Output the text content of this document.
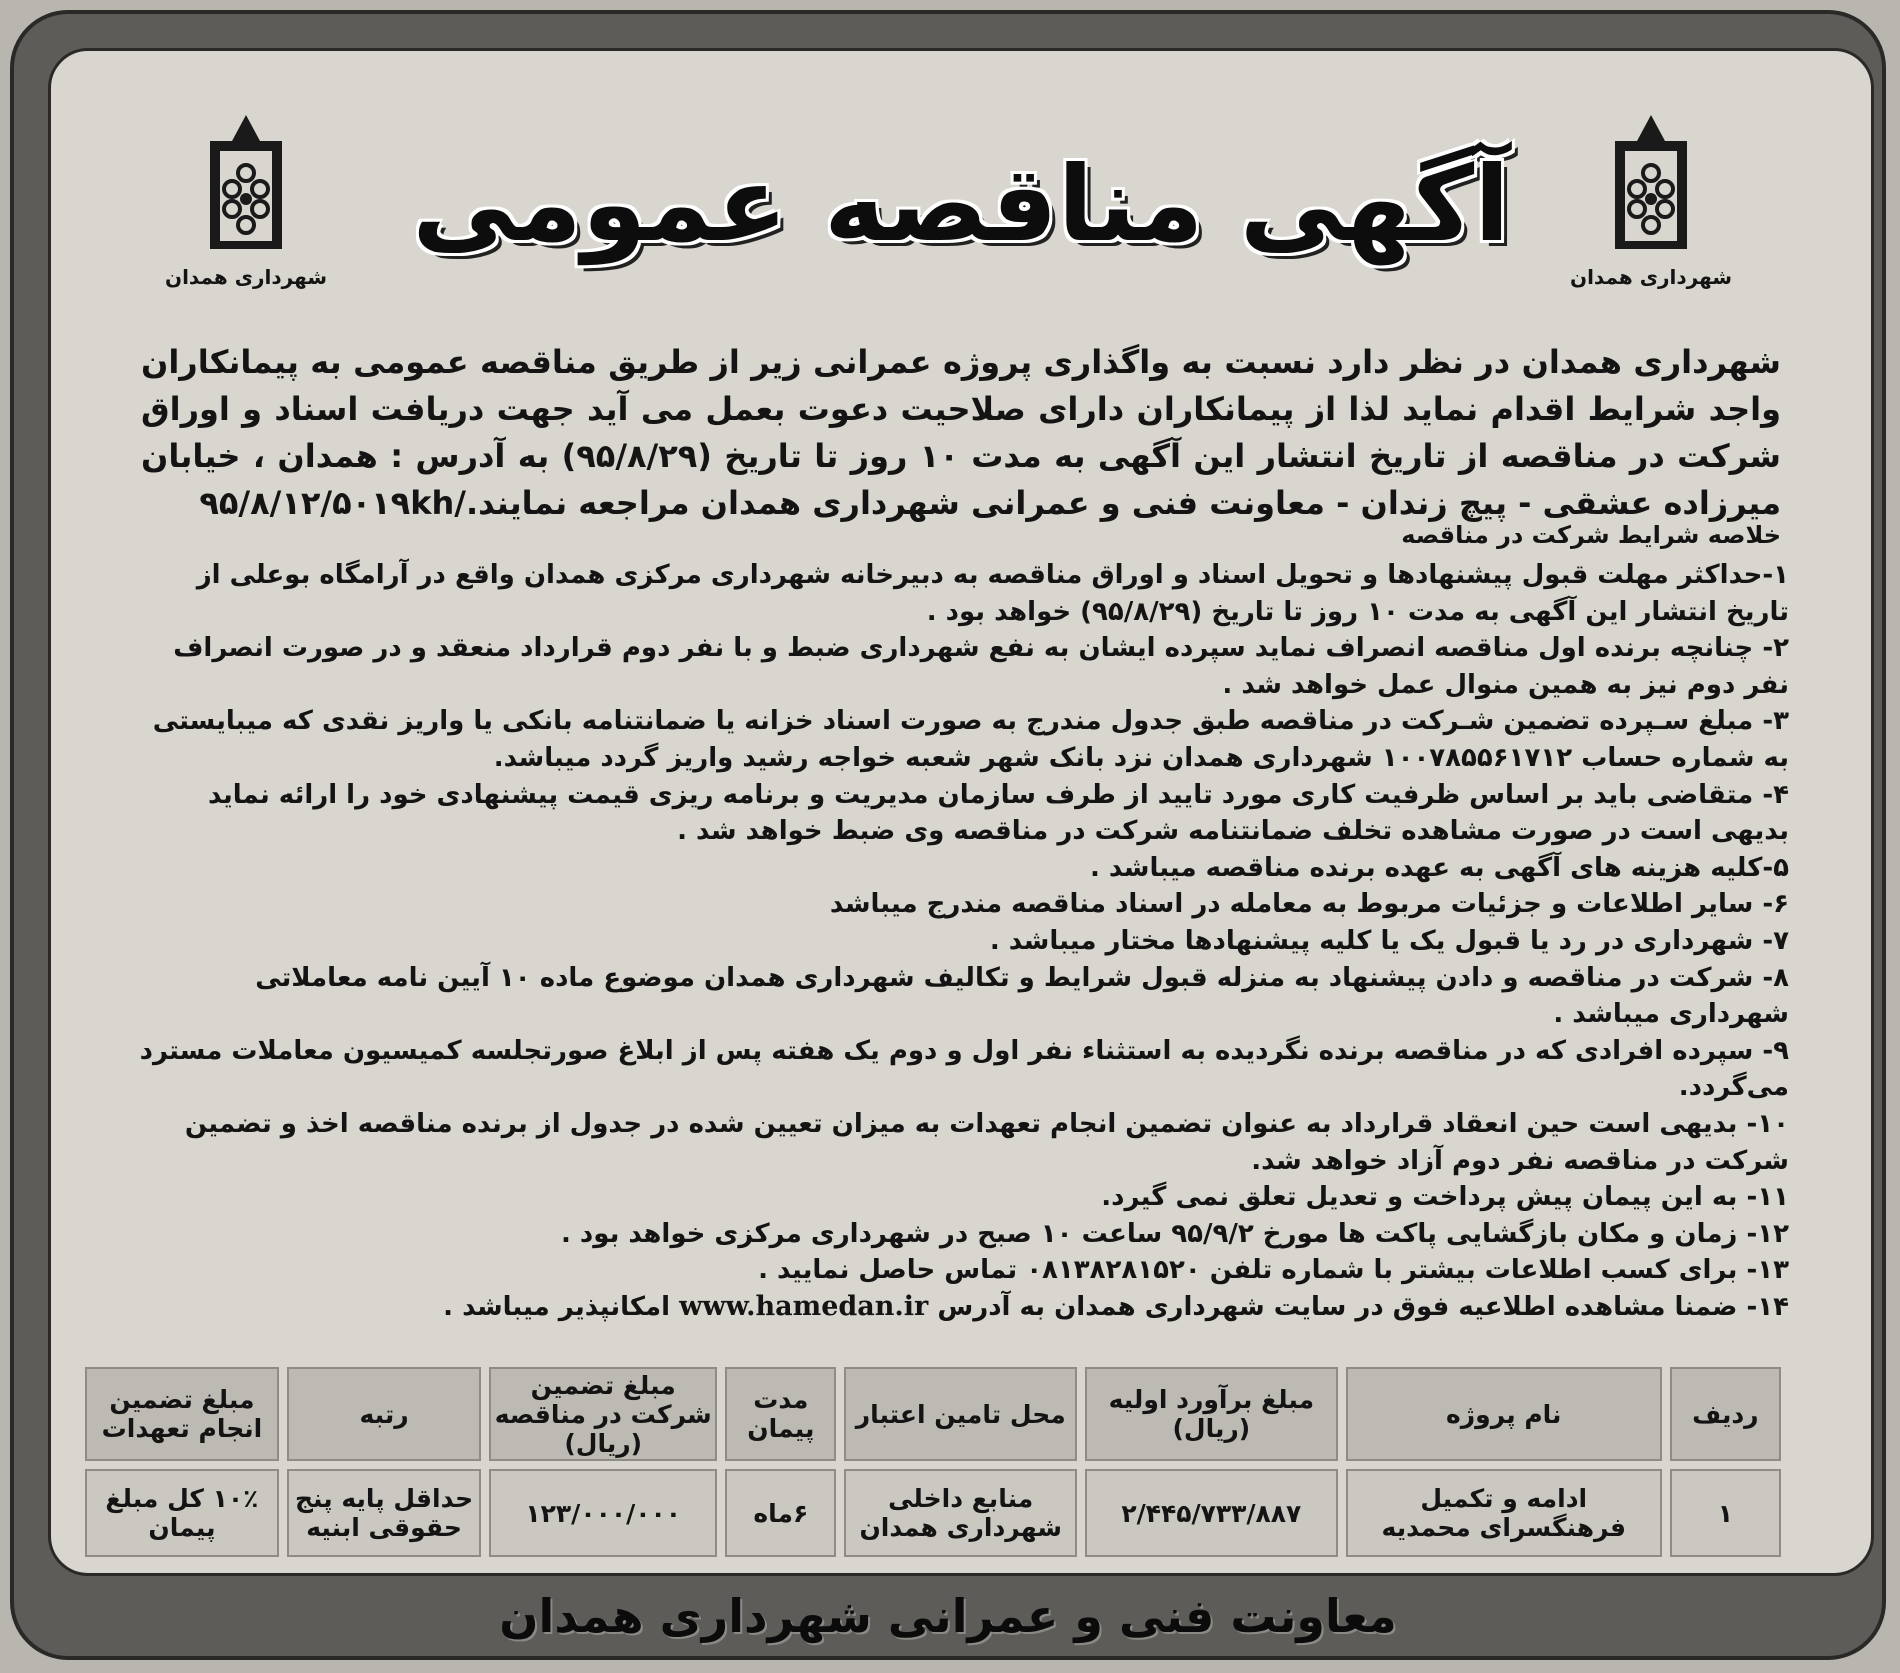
شهرداری همدان
شهرداری همدان
آگهی مناقصه عمومی
شهرداری همدان در نظر دارد نسبت به واگذاری پروژه عمرانی زیر از طریق مناقصه عمومی به پیمانکاران واجد شرایط اقدام نماید لذا از پیمانکاران دارای صلاحیت دعوت بعمل می آید جهت دریافت اسناد و اوراق شرکت در مناقصه از تاریخ انتشار این آگهی به مدت ۱۰ روز تا تاریخ (۹۵/۸/۲۹) به آدرس : همدان ، خیابان میرزاده عشقی - پیچ زندان - معاونت فنی و عمرانی شهرداری همدان مراجعه نمایند./۹۵/۸/۱۲/۵۰۱۹kh
خلاصه شرایط شرکت در مناقصه
۱-حداکثر مهلت قبول پیشنهادها و تحویل اسناد و اوراق مناقصه به دبیرخانه شهرداری مرکزی همدان واقع در آرامگاه بوعلی از تاریخ انتشار این آگهی به مدت ۱۰ روز تا تاریخ (۹۵/۸/۲۹) خواهد بود .
۲- چنانچه برنده اول مناقصه انصراف نماید سپرده ایشان به نفع شهرداری ضبط و با نفر دوم قرارداد منعقد و در صورت انصراف نفر دوم نیز به همین منوال عمل خواهد شد .
۳- مبلغ سـپرده تضمین شـرکت در مناقصه طبق جدول مندرج به صورت اسناد خزانه یا ضمانتنامه بانکی یا واریز نقدی که میبایستی به شماره حساب ۱۰۰۷۸۵۵۶۱۷۱۲ شهرداری همدان نزد بانک شهر شعبه خواجه رشید واریز گردد میباشد.
۴- متقاضی باید بر اساس ظرفیت کاری مورد تایید از طرف سازمان مدیریت و برنامه ریزی قیمت پیشنهادی خود را ارائه نماید بدیهی است در صورت مشاهده تخلف ضمانتنامه شرکت در مناقصه وی ضبط خواهد شد .
۵-کلیه هزینه های آگهی به عهده برنده مناقصه میباشد .
۶- سایر اطلاعات و جزئیات مربوط به معامله در اسناد مناقصه مندرج میباشد
۷- شهرداری در رد یا قبول یک یا کلیه پیشنهادها مختار میباشد .
۸- شرکت در مناقصه و دادن پیشنهاد به منزله قبول شرایط و تکالیف شهرداری همدان موضوع ماده ۱۰ آیین نامه معاملاتی شهرداری میباشد .
۹- سپرده افرادی که در مناقصه برنده نگردیده به استثناء نفر اول و دوم یک هفته پس از ابلاغ صورتجلسه کمیسیون معاملات مسترد می‌گردد.
۱۰- بدیهی است حین انعقاد قرارداد به عنوان تضمین انجام تعهدات به میزان تعیین شده در جدول از برنده مناقصه اخذ و تضمین شرکت در مناقصه نفر دوم آزاد خواهد شد.
۱۱- به این پیمان پیش پرداخت و تعدیل تعلق نمی گیرد.
۱۲- زمان و مکان بازگشایی پاکت ها مورخ ۹۵/۹/۲ ساعت ۱۰ صبح در شهرداری مرکزی خواهد بود .
۱۳- برای کسب اطلاعات بیشتر با شماره تلفن ۰۸۱۳۸۲۸۱۵۲۰ تماس حاصل نمایید .
۱۴- ضمنا مشاهده اطلاعیه فوق در سایت شهرداری همدان به آدرس www.hamedan.ir امکانپذیر میباشد .
ردیف	نام پروژه	مبلغ برآورد اولیه (ریال)	محل تامین اعتبار	مدت پیمان	مبلغ تضمین شرکت در مناقصه (ریال)	رتبه	مبلغ تضمین انجام تعهدات
۱	ادامه و تکمیل فرهنگسرای محمدیه	۲/۴۴۵/۷۳۳/۸۸۷	منابع داخلی شهرداری همدان	۶ماه	۱۲۳/۰۰۰/۰۰۰	حداقل پایه پنج حقوقی ابنیه	۱۰٪ کل مبلغ پیمان
معاونت فنی و عمرانی شهرداری همدان
